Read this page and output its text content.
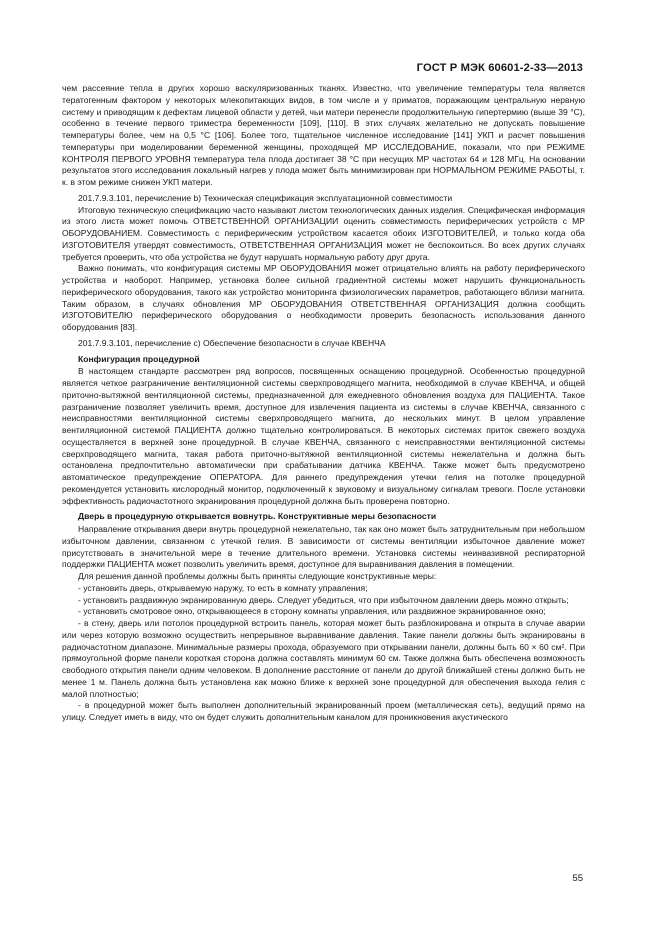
ГОСТ Р МЭК 60601-2-33—2013

чем рассеяние тепла в других хорошо васкуляризованных тканях. Известно, что увеличение температуры тела является тератогенным фактором у некоторых млекопитающих видов, в том числе и у приматов, поражающим центральную нервную систему и приводящим к дефектам лицевой области у детей, чьи матери перенесли продолжительную гипертермию (выше 39 °С), особенно в течение первого триместра беременности [109], [110]. В этих случаях желательно не допускать повышение температуры более, чем на 0,5 °С [106]. Более того, тщательное численное исследование [141] УКП и расчет повышения температуры при моделировании беременной женщины, проходящей МР ИССЛЕДОВАНИЕ, показали, что при РЕЖИМЕ КОНТРОЛЯ ПЕРВОГО УРОВНЯ температура тела плода достигает 38 °С при несущих МР частотах 64 и 128 МГц. На основании результатов этого исследования локальный нагрев у плода может быть минимизирован при НОРМАЛЬНОМ РЕЖИМЕ РАБОТЫ, т. к. в этом режиме снижен УКП матери.

201.7.9.3.101, перечисление b) Техническая спецификация эксплуатационной совместимости

Итоговую техническую спецификацию часто называют листом технологических данных изделия. Специфическая информация из этого листа может помочь ОТВЕТСТВЕННОЙ ОРГАНИЗАЦИИ оценить совместимость периферических устройств с МР ОБОРУДОВАНИЕМ. Совместимость с периферическим устройством касается обоих ИЗГОТОВИТЕЛЕЙ, и только когда оба ИЗГОТОВИТЕЛЯ утвердят совместимость, ОТВЕТСТВЕННАЯ ОРГАНИЗАЦИЯ может не беспокоиться. Во всех других случаях требуется проверить, что оба устройства не будут нарушать нормальную работу друг друга.

Важно понимать, что конфигурация системы МР ОБОРУДОВАНИЯ может отрицательно влиять на работу периферического устройства и наоборот. Например, установка более сильной градиентной системы может нарушить функциональность периферического оборудования, такого как устройство мониторинга физиологических параметров, работающего вблизи магнита. Таким образом, в случаях обновления МР ОБОРУДОВАНИЯ ОТВЕТСТВЕННАЯ ОРГАНИЗАЦИЯ должна сообщить ИЗГОТОВИТЕЛЮ периферического оборудования о необходимости проверить безопасность использования данного оборудования [83].

201.7.9.3.101, перечисление с) Обеспечение безопасности в случае КВЕНЧА

Конфигурация процедурной

В настоящем стандарте рассмотрен ряд вопросов, посвященных оснащению процедурной. Особенностью процедурной является четкое разграничение вентиляционной системы сверхпроводящего магнита, необходимой в случае КВЕНЧА, и общей приточно-вытяжной вентиляционной системы, предназначенной для ежедневного обновления воздуха для ПАЦИЕНТА. Такое разграничение позволяет увеличить время, доступное для извлечения пациента из системы в случае КВЕНЧА, связанного с неисправностями вентиляционной системы сверхпроводящего магнита, до нескольких минут. В целом управление вентиляционной системой ПАЦИЕНТА должно тщательно контролироваться. В некоторых системах приток свежего воздуха осуществляется в верхней зоне процедурной. В случае КВЕНЧА, связанного с неисправностями вентиляционной системы сверхпроводящего магнита, такая работа приточно-вытяжной вентиляционной системы нежелательна и должна быть остановлена предпочтительно автоматически при срабатывании датчика КВЕНЧА. Также может быть предусмотрено автоматическое предупреждение ОПЕРАТОРА. Для раннего предупреждения утечки гелия на потолке процедурной рекомендуется установить кислородный монитор, подключенный к звуковому и визуальному сигналам тревоги. После установки эффективность радиочастотного экранирования процедурной должна быть проверена повторно.

Дверь в процедурную открывается вовнутрь. Конструктивные меры безопасности

Направление открывания двери внутрь процедурной нежелательно, так как оно может быть затруднительным при небольшом избыточном давлении, связанном с утечкой гелия. В зависимости от системы вентиляции избыточное давление может присутствовать в значительной мере в течение длительного времени. Установка системы неинвазивной респираторной поддержки ПАЦИЕНТА может позволить увеличить время, доступное для выравнивания давления в помещении.

Для решения данной проблемы должны быть приняты следующие конструктивные меры:

- установить дверь, открываемую наружу, то есть в комнату управления;

- установить раздвижную экранированную дверь. Следует убедиться, что при избыточном давлении дверь можно открыть;

- установить смотровое окно, открывающееся в сторону комнаты управления, или раздвижное экранированное окно;

- в стену, дверь или потолок процедурной встроить панель, которая может быть разблокирована и открыта в случае аварии или через которую возможно осуществить непрерывное выравнивание давления. Такие панели должны быть экранированы в радиочастотном диапазоне. Минимальные размеры прохода, образуемого при открывании панели, должны быть 60 × 60 см². При прямоугольной форме панели короткая сторона должна составлять минимум 60 см. Также должна быть обеспечена возможность свободного открытия панели одним человеком. В дополнение расстояние от панели до другой ближайшей стены должно быть не менее 1 м. Панель должна быть установлена как можно ближе к верхней зоне процедурной для обеспечения выхода гелия с малой плотностью;

- в процедурной может быть выполнен дополнительный экранированный проем (металлическая сеть), ведущий прямо на улицу. Следует иметь в виду, что он будет служить дополнительным каналом для проникновения акустического

55
